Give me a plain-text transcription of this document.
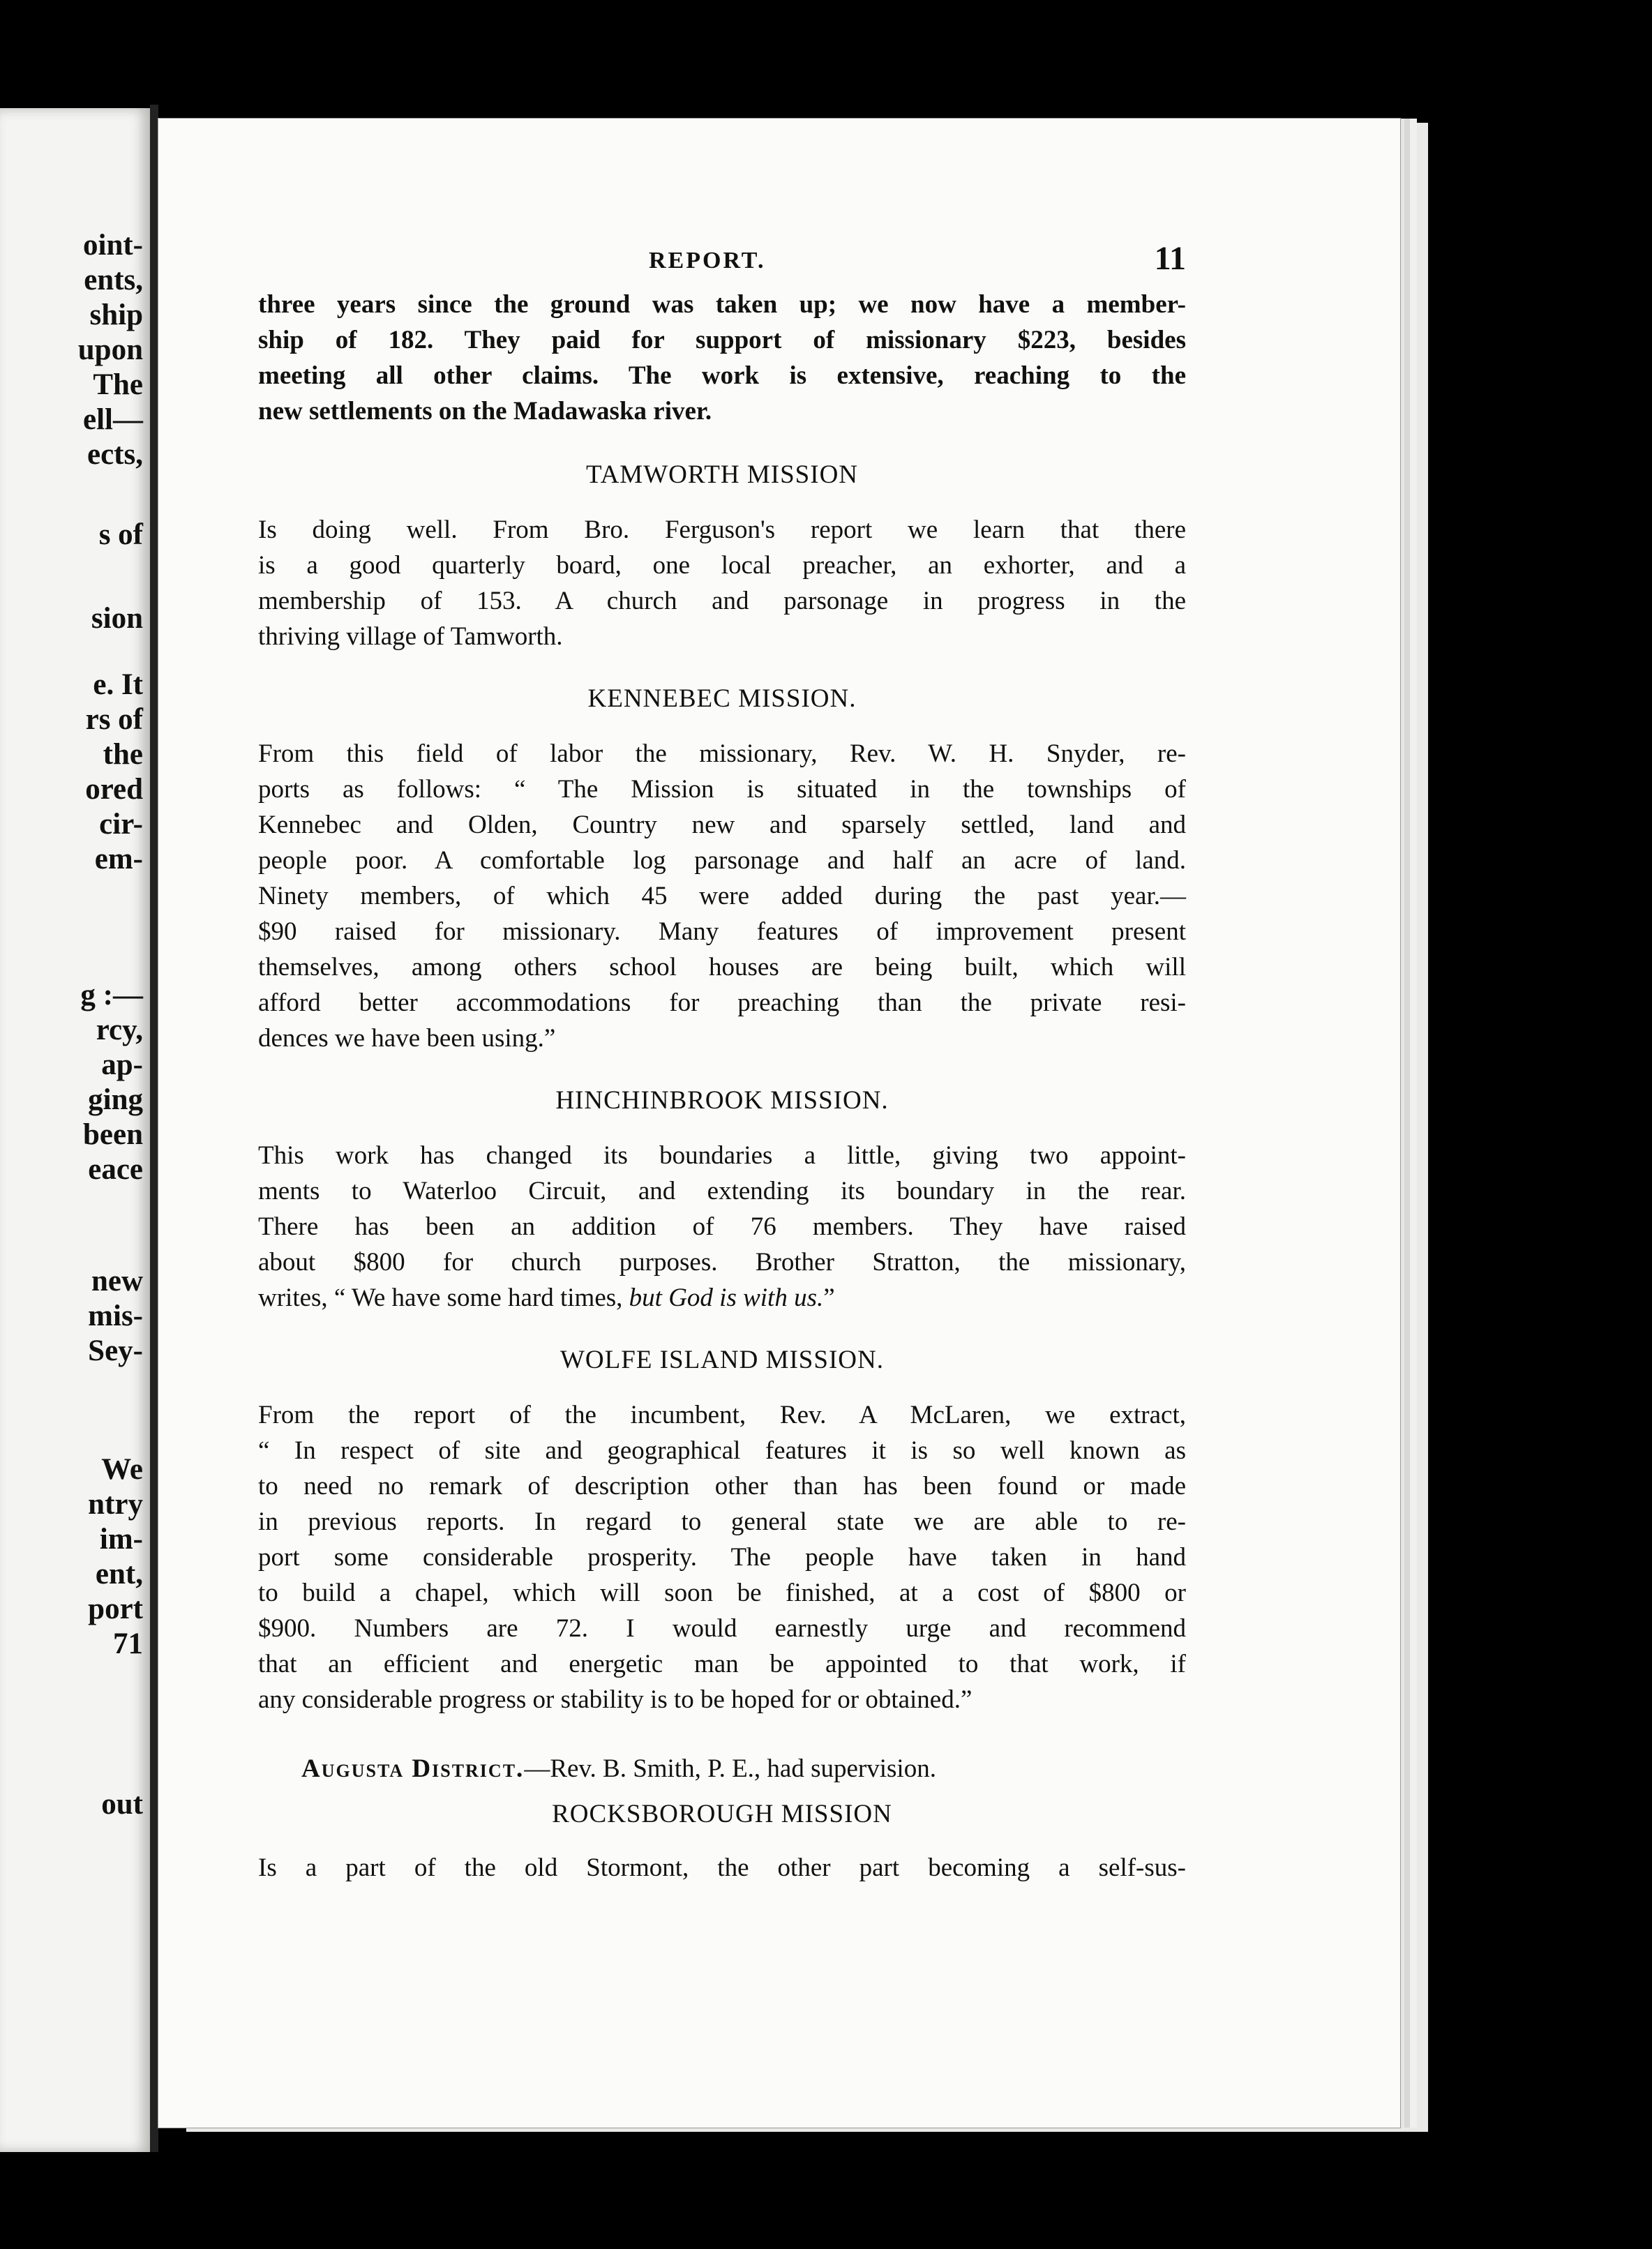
oint-
ents,
ship
upon
The
ell—
ects,
s of
sion
e. It
rs of
the
ored
cir-
em-
g :—
rcy,
ap-
ging
been
eace
new
mis-
Sey-
We
ntry
im-
ent,
port
71
out
REPORT.	11
three years since the ground was taken up; we now have a member-
ship of 182. They paid for support of missionary $223, besides
meeting all other claims. The work is extensive, reaching to the
new settlements on the Madawaska river.

TAMWORTH MISSION

Is doing well. From Bro. Ferguson's report we learn that there
is a good quarterly board, one local preacher, an exhorter, and a
membership of 153. A church and parsonage in progress in the
thriving village of Tamworth.

KENNEBEC MISSION.

From this field of labor the missionary, Rev. W. H. Snyder, re-
ports as follows: “ The Mission is situated in the townships of
Kennebec and Olden, Country new and sparsely settled, land and
people poor. A comfortable log parsonage and half an acre of land.
Ninety members, of which 45 were added during the past year.—
$90 raised for missionary. Many features of improvement present
themselves, among others school houses are being built, which will
afford better accommodations for preaching than the private resi-
dences we have been using.”

HINCHINBROOK MISSION.

This work has changed its boundaries a little, giving two appoint-
ments to Waterloo Circuit, and extending its boundary in the rear.
There has been an addition of 76 members. They have raised
about $800 for church purposes. Brother Stratton, the missionary,
writes, “ We have some hard times, but God is with us.”

WOLFE ISLAND MISSION.

From the report of the incumbent, Rev. A McLaren, we extract,
“ In respect of site and geographical features it is so well known as
to need no remark of description other than has been found or made
in previous reports. In regard to general state we are able to re-
port some considerable prosperity. The people have taken in hand
to build a chapel, which will soon be finished, at a cost of $800 or
$900. Numbers are 72. I would earnestly urge and recommend
that an efficient and energetic man be appointed to that work, if
any considerable progress or stability is to be hoped for or obtained.”

Augusta District.—Rev. B. Smith, P. E., had supervision.

ROCKSBOROUGH MISSION

Is a part of the old Stormont, the other part becoming a self-sus-
